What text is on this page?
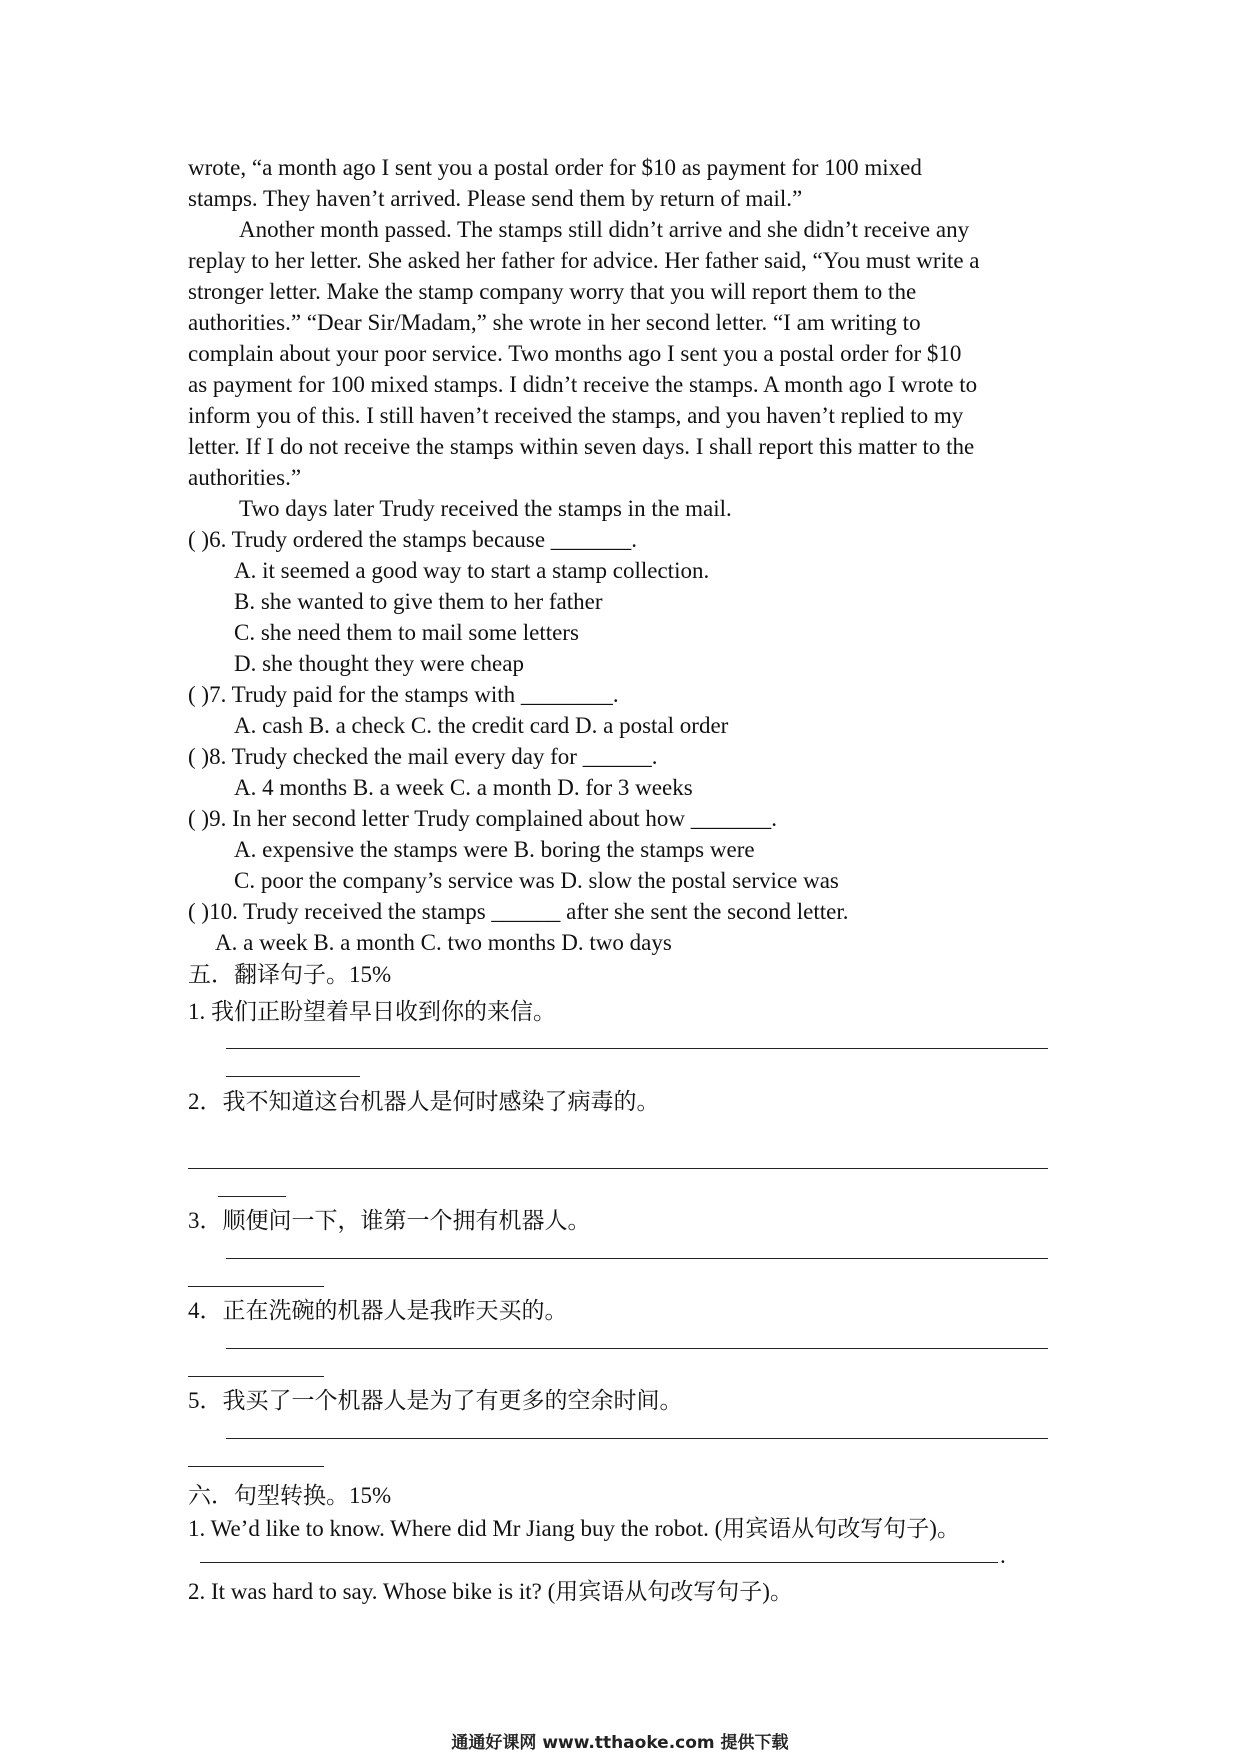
wrote, “a month ago I sent you a postal order for $10 as payment for 100 mixed
stamps. They haven’t arrived. Please send them by return of mail.”
Another month passed. The stamps still didn’t arrive and she didn’t receive any
replay to her letter. She asked her father for advice. Her father said, “You must write a
stronger letter. Make the stamp company worry that you will report them to the
authorities.” “Dear Sir/Madam,” she wrote in her second letter. “I am writing to
complain about your poor service. Two months ago I sent you a postal order for $10
as payment for 100 mixed stamps. I didn’t receive the stamps. A month ago I wrote to
inform you of this. I still haven’t received the stamps, and you haven’t replied to my
letter. If I do not receive the stamps within seven days. I shall report this matter to the
authorities.”
Two days later Trudy received the stamps in the mail.
( )6. Trudy ordered the stamps because _______.
A. it seemed a good way to start a stamp collection.
B. she wanted to give them to her father
C. she need them to mail some letters
D. she thought they were cheap
( )7. Trudy paid for the stamps with ________.
A. cash B. a check C. the credit card D. a postal order
( )8. Trudy checked the mail every day for ______.
A. 4 months B. a week C. a month D. for 3 weeks
( )9. In her second letter Trudy complained about how _______.
A. expensive the stamps were B. boring the stamps were
C. poor the company’s service was D. slow the postal service was
( )10. Trudy received the stamps ______ after she sent the second letter.
A. a week B. a month C. two months D. two days
五．翻译句子。15%
1. 我们正盼望着早日收到你的来信。
2．我不知道这台机器人是何时感染了病毒的。
3．顺便问一下，谁第一个拥有机器人。
4．正在洗碗的机器人是我昨天买的。
5．我买了一个机器人是为了有更多的空余时间。
六．句型转换。15%
1. We’d like to know. Where did Mr Jiang buy the robot. (用宾语从句改写句子)。
.
2. It was hard to say. Whose bike is it? (用宾语从句改写句子)。
通通好课网 www.tthaoke.com 提供下载
